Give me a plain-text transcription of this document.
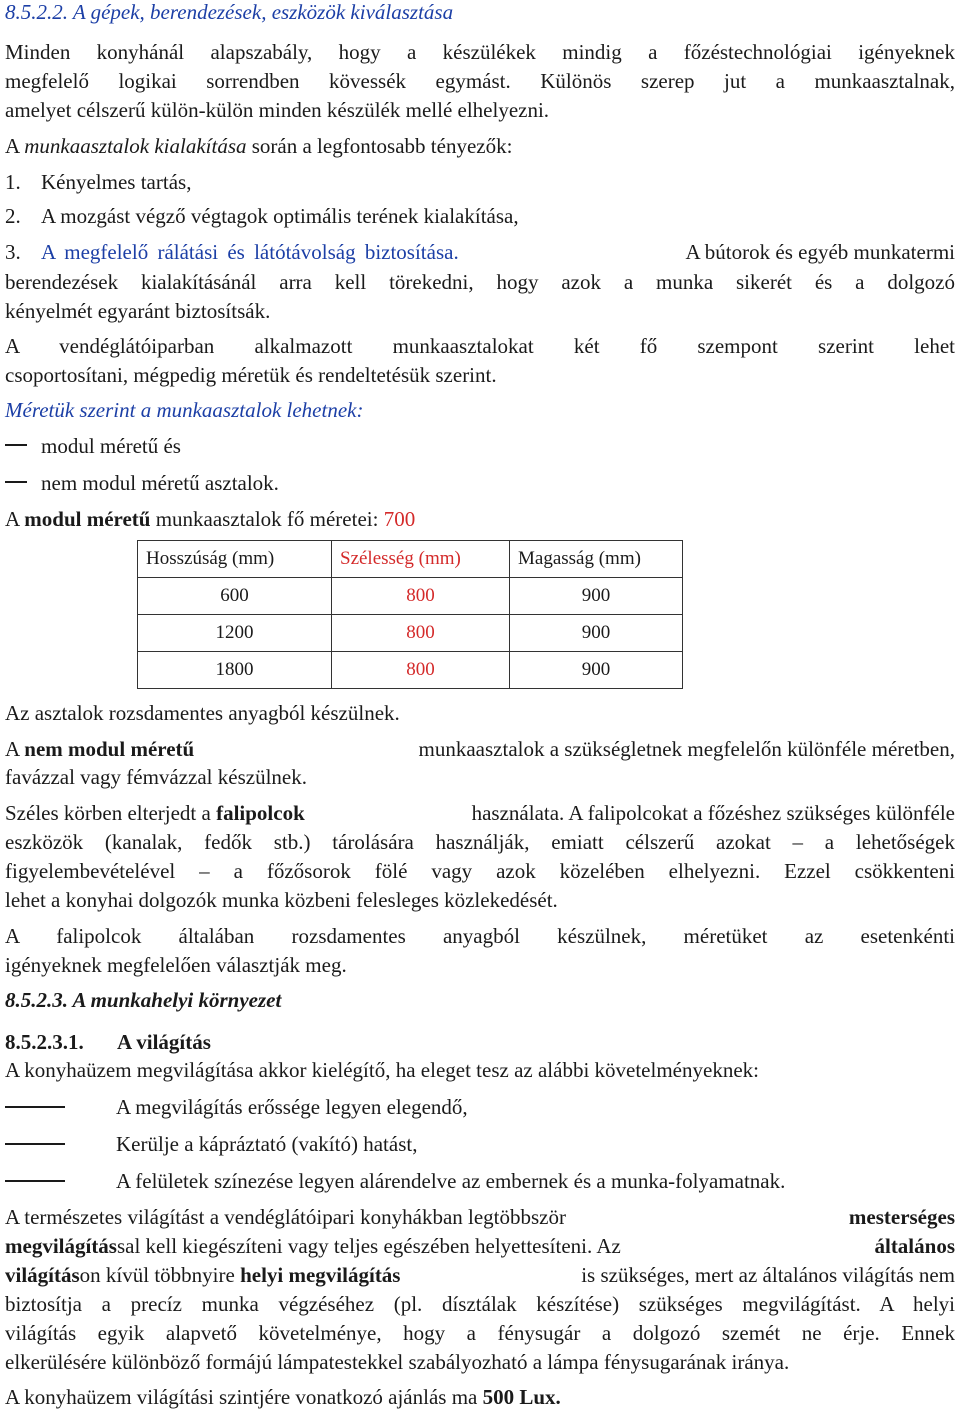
8.5.2.2. A gépek, berendezések, eszközök kiválasztása
Minden konyhánál alapszabály, hogy a készülékek mindig a főzéstechnológiai igényeknek
megfelelő logikai sorrendben kövessék egymást. Különös szerep jut a munkaasztalnak,
amelyet célszerű külön-külön minden készülék mellé elhelyezni.
A munkaasztalok kialakítása során a legfontosabb tényezők:
1. Kényelmes tartás,
2. A mozgást végző végtagok optimális terének kialakítása,
3. A megfelelő rálátási és látótávolság biztosítása.	A bútorok és egyéb munkatermi
berendezések kialakításánál arra kell törekedni, hogy azok a munka sikerét és a dolgozó
kényelmét egyaránt biztosítsák.
A vendéglátóiparban alkalmazott munkaasztalokat két fő szempont szerint lehet
csoportosítani, mégpedig méretük és rendeltetésük szerint.
Méretük szerint a munkaasztalok lehetnek:
modul méretű és
nem modul méretű asztalok.
A modul méretű munkaasztalok fő méretei: 700
Hosszúság (mm)	Szélesség (mm)	Magasság (mm)
600	800	900
1200	800	900
1800	800	900
Az asztalok rozsdamentes anyagból készülnek.
A nem modul méretű	munkaasztalok a szükségletnek megfelelőn különféle méretben,
favázzal vagy fémvázzal készülnek.
Széles körben elterjedt a falipolcok	használata. A falipolcokat a főzéshez szükséges különféle
eszközök (kanalak, fedők stb.) tárolására használják, emiatt célszerű azokat – a lehetőségek
figyelembevételével – a főzősorok fölé vagy azok közelében elhelyezni. Ezzel csökkenteni
lehet a konyhai dolgozók munka közbeni felesleges közlekedését.
A falipolcok általában rozsdamentes anyagból készülnek, méretüket az esetenkénti
igényeknek megfelelően választják meg.
8.5.2.3. A munkahelyi környezet
8.5.2.3.1. A világítás
A konyhaüzem megvilágítása akkor kielégítő, ha eleget tesz az alábbi követelményeknek:
A megvilágítás erőssége legyen elegendő,
Kerülje a kápráztató (vakító) hatást,
A felületek színezése legyen alárendelve az embernek és a munka-folyamatnak.
A természetes világítást a vendéglátóipari konyhákban legtöbbször	mesterséges
megvilágítással kell kiegészíteni vagy teljes egészében helyettesíteni. Az	általános
világításon kívül többnyire helyi megvilágítás	is szükséges, mert az általános világítás nem
biztosítja a precíz munka végzéséhez (pl. dísztálak készítése) szükséges megvilágítást. A helyi
világítás egyik alapvető követelménye, hogy a fénysugár a dolgozó szemét ne érje. Ennek
elkerülésére különböző formájú lámpatestekkel szabályozható a lámpa fénysugarának iránya.
A konyhaüzem világítási szintjére vonatkozó ajánlás ma 500 Lux.
